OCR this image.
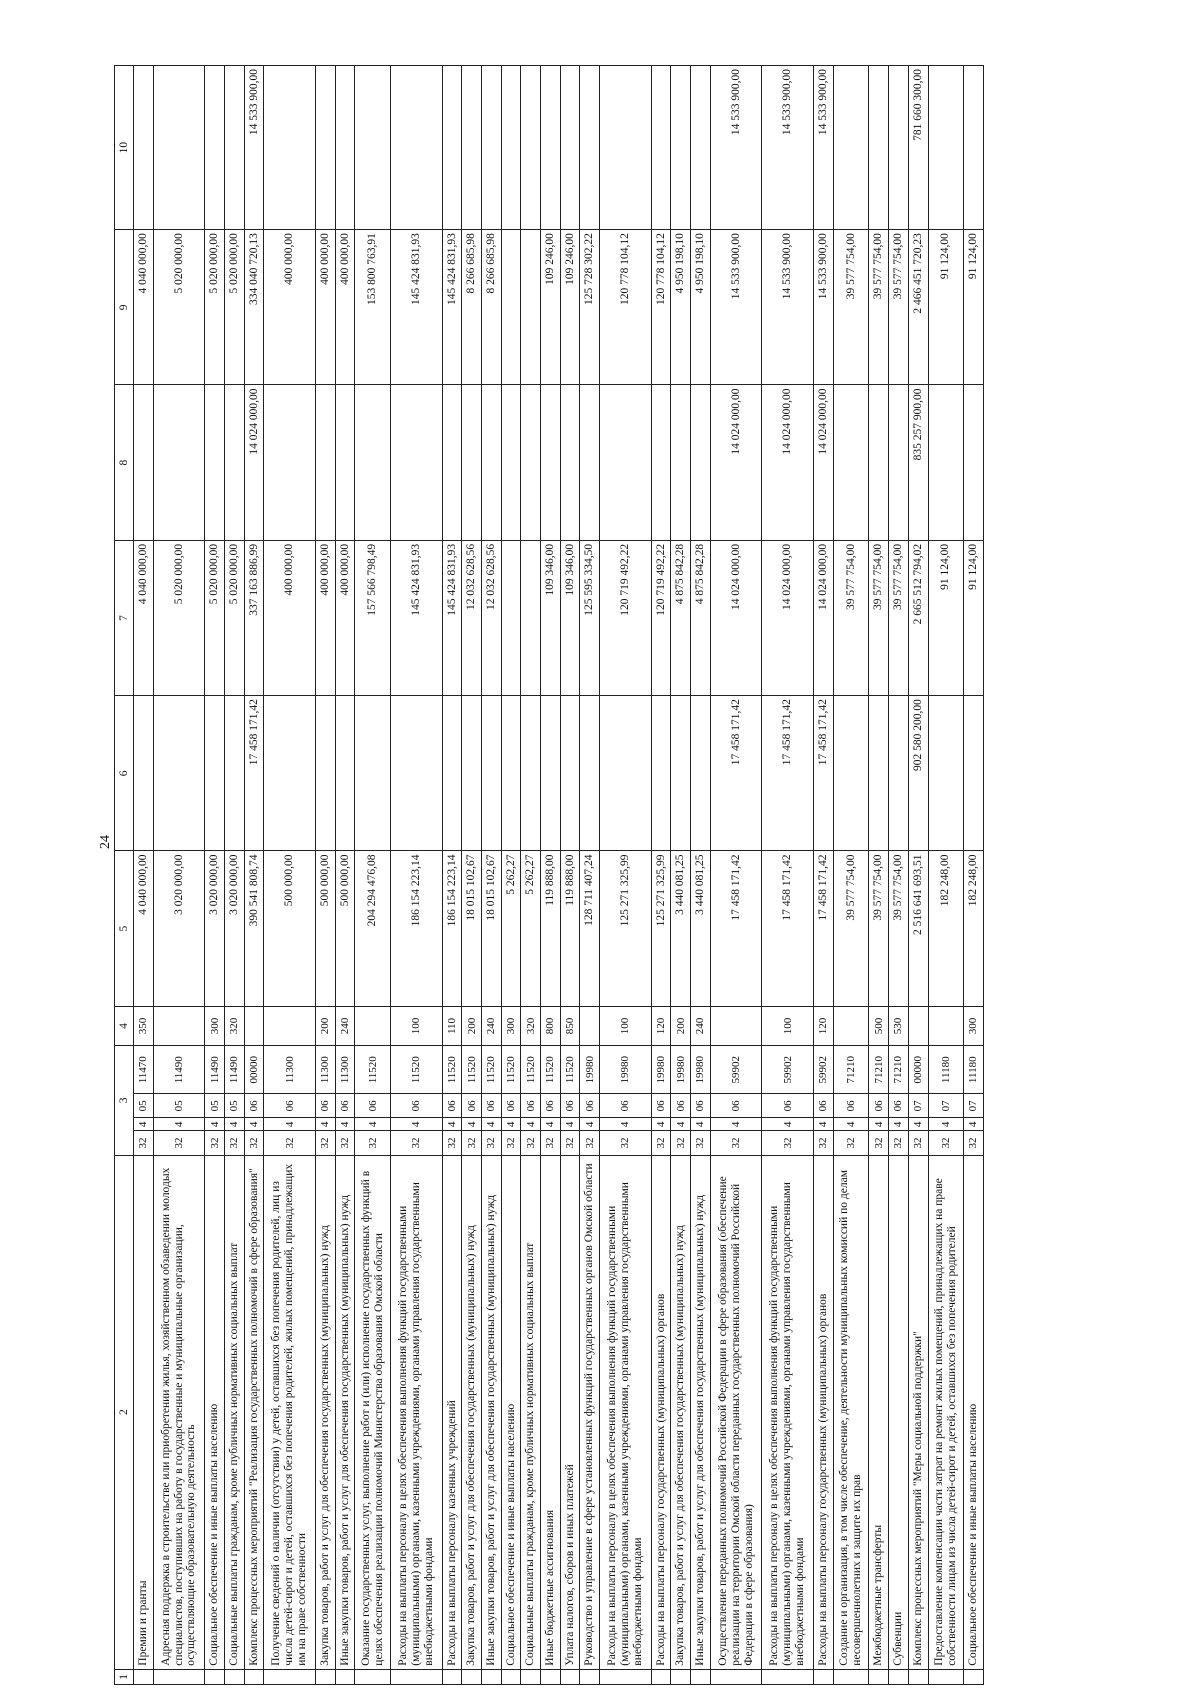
24
1	2	3				4	5	6	7	8	9	10
	Премии и гранты	32	4	05	11470	350	4 040 000,00		4 040 000,00		4 040 000,00	
	Адресная поддержка в строительстве или приобретении жилья, хозяйственном обзаведении молодых специалистов, поступивших на работу в государственные и муниципальные организации, осуществляющие образовательную деятельность	32	4	05	11490		3 020 000,00		5 020 000,00		5 020 000,00	
	Социальное обеспечение и иные выплаты населению	32	4	05	11490	300	3 020 000,00		5 020 000,00		5 020 000,00	
	Социальные выплаты гражданам, кроме публичных нормативных социальных выплат	32	4	05	11490	320	3 020 000,00		5 020 000,00		5 020 000,00	
	Комплекс процессных мероприятий "Реализация государственных полномочий в сфере образования"	32	4	06	00000		390 541 808,74	17 458 171,42	337 163 886,99	14 024 000,00	334 040 720,13	14 533 900,00
	Получение сведений о наличии (отсутствии) у детей, оставшихся без попечения родителей, лиц из числа детей-сирот и детей, оставшихся без попечения родителей, жилых помещений, принадлежащих им на праве собственности	32	4	06	11300		500 000,00		400 000,00		400 000,00	
	Закупка товаров, работ и услуг для обеспечения государственных (муниципальных) нужд	32	4	06	11300	200	500 000,00		400 000,00		400 000,00	
	Иные закупки товаров, работ и услуг для обеспечения государственных (муниципальных) нужд	32	4	06	11300	240	500 000,00		400 000,00		400 000,00	
	Оказание государственных услуг, выполнение работ и (или) исполнение государственных функций в целях обеспечения реализации полномочий Министерства образования Омской области	32	4	06	11520		204 294 476,08		157 566 798,49		153 800 763,91	
	Расходы на выплаты персоналу в целях обеспечения выполнения функций государственными (муниципальными) органами, казенными учреждениями, органами управления государственными внебюджетными фондами	32	4	06	11520	100	186 154 223,14		145 424 831,93		145 424 831,93	
	Расходы на выплаты персоналу казенных учреждений	32	4	06	11520	110	186 154 223,14		145 424 831,93		145 424 831,93	
	Закупка товаров, работ и услуг для обеспечения государственных (муниципальных) нужд	32	4	06	11520	200	18 015 102,67		12 032 628,56		8 266 685,98	
	Иные закупки товаров, работ и услуг для обеспечения государственных (муниципальных) нужд	32	4	06	11520	240	18 015 102,67		12 032 628,56		8 266 685,98	
	Социальное обеспечение и иные выплаты населению	32	4	06	11520	300	5 262,27					
	Социальные выплаты гражданам, кроме публичных нормативных социальных выплат	32	4	06	11520	320	5 262,27					
	Иные бюджетные ассигнования	32	4	06	11520	800	119 888,00		109 346,00		109 246,00	
	Уплата налогов, сборов и иных платежей	32	4	06	11520	850	119 888,00		109 346,00		109 246,00	
	Руководство и управление в сфере установленных функций государственных органов Омской области	32	4	06	19980		128 711 407,24		125 595 334,50		125 728 302,22	
	Расходы на выплаты персоналу в целях обеспечения выполнения функций государственными (муниципальными) органами, казенными учреждениями, органами управления государственными внебюджетными фондами	32	4	06	19980	100	125 271 325,99		120 719 492,22		120 778 104,12	
	Расходы на выплаты персоналу государственных (муниципальных) органов	32	4	06	19980	120	125 271 325,99		120 719 492,22		120 778 104,12	
	Закупка товаров, работ и услуг для обеспечения государственных (муниципальных) нужд	32	4	06	19980	200	3 440 081,25		4 875 842,28		4 950 198,10	
	Иные закупки товаров, работ и услуг для обеспечения государственных (муниципальных) нужд	32	4	06	19980	240	3 440 081,25		4 875 842,28		4 950 198,10	
	Осуществление переданных полномочий Российской Федерации в сфере образования (обеспечение реализации на территории Омской области переданных государственных полномочий Российской Федерации в сфере образования)	32	4	06	59902		17 458 171,42	17 458 171,42	14 024 000,00	14 024 000,00	14 533 900,00	14 533 900,00
	Расходы на выплаты персоналу в целях обеспечения выполнения функций государственными (муниципальными) органами, казенными учреждениями, органами управления государственными внебюджетными фондами	32	4	06	59902	100	17 458 171,42	17 458 171,42	14 024 000,00	14 024 000,00	14 533 900,00	14 533 900,00
	Расходы на выплаты персоналу государственных (муниципальных) органов	32	4	06	59902	120	17 458 171,42	17 458 171,42	14 024 000,00	14 024 000,00	14 533 900,00	14 533 900,00
	Создание и организация, в том числе обеспечение, деятельности муниципальных комиссий по делам несовершеннолетних и защите их прав	32	4	06	71210		39 577 754,00		39 577 754,00		39 577 754,00	
	Межбюджетные трансферты	32	4	06	71210	500	39 577 754,00		39 577 754,00		39 577 754,00	
	Субвенции	32	4	06	71210	530	39 577 754,00		39 577 754,00		39 577 754,00	
	Комплекс процессных мероприятий "Меры социальной поддержки"	32	4	07	00000		2 516 641 693,51	902 580 200,00	2 665 512 794,02	835 257 900,00	2 466 451 720,23	781 660 300,00
	Предоставление компенсации части затрат на ремонт жилых помещений, принадлежащих на праве собственности лицам из числа детей-сирот и детей, оставшихся без попечения родителей	32	4	07	11180		182 248,00		91 124,00		91 124,00	
	Социальное обеспечение и иные выплаты населению	32	4	07	11180	300	182 248,00		91 124,00		91 124,00	
